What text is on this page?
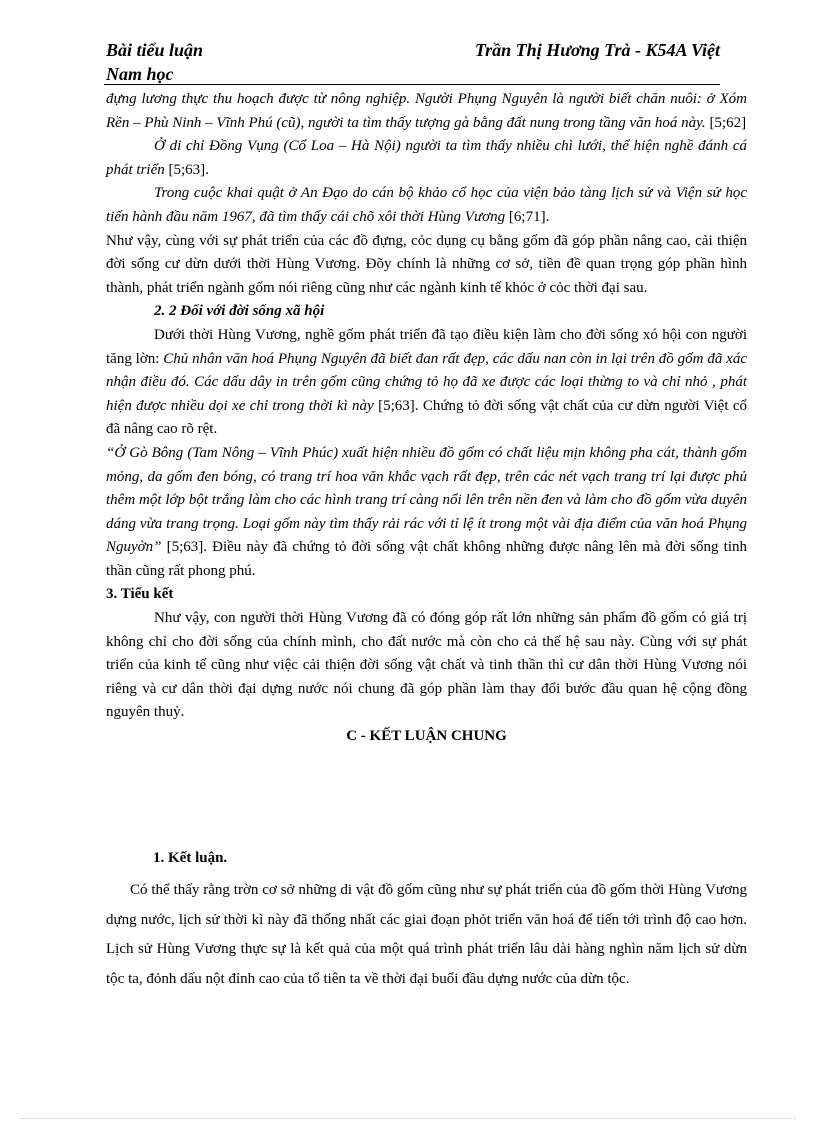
Bài tiểu luận	Trần Thị Hương Trà - K54A Việt
Nam học

đựng lương thực thu hoạch được từ nông nghiệp. Người Phụng Nguyên là người biết chăn nuôi: ở Xóm Rền – Phù Ninh – Vĩnh Phú (cũ), người ta tìm thấy tượng gà bằng đất nung trong tầng văn hoá này. [5;62]

Ở di chỉ Đồng Vụng (Cổ Loa – Hà Nội) người ta tìm thấy nhiều chì lưới, thể hiện nghề đánh cá phát triển [5;63].

Trong cuộc khai quật ở An Đạo do cán bộ khảo cổ học của viện bảo tàng lịch sử và Viện sử học tiến hành đầu năm 1967, đã tìm thấy cái chõ xôi thời Hùng Vương [6;71].

Như vậy, cùng với sự phát triển của các đồ đựng, cỏc dụng cụ bằng gốm đã góp phần nâng cao, cải thiện đời sống cư dừn dưới thời Hùng Vương. Đõy chính là những cơ sở, tiền đề quan trọng góp phần hình thành, phát triển ngành gốm nói riêng cũng như các ngành kinh tế khỏc ở cỏc thời đại sau.

2. 2 Đối với đời sống xã hội

Dưới thời Hùng Vương, nghề gốm phát triển đã tạo điều kiện làm cho đời sống xó hội con người tăng lờn: Chủ nhân văn hoá Phụng Nguyên đã biết đan rất đẹp, các dấu nan còn in lại trên đồ gốm đã xác nhận điều đó. Các dấu dây in trên gốm cũng chứng tỏ họ đã xe được các loại thừng to và chỉ nhỏ , phát hiện được nhiều dọi xe chỉ trong thời kì này [5;63]. Chứng tỏ đời sống vật chất của cư dừn người Việt cổ đã nâng cao rõ rệt.

“Ở Gò Bông (Tam Nông – Vĩnh Phúc) xuất hiện nhiều đồ gốm có chất liệu mịn không pha cát, thành gốm mỏng, da gốm đen bóng, có trang trí hoa văn khắc vạch rất đẹp, trên các nét vạch trang trí lại được phủ thêm một lớp bột trắng làm cho các hình trang trí càng nổi lên trên nền đen và làm cho đồ gốm vừa duyên dáng vừa trang trọng. Loại gốm này tìm thấy rải rác với tỉ lệ ít trong một vài địa điểm của văn hoá Phụng Nguyờn” [5;63]. Điều này đã chứng tỏ đời sống vật chất không những được nâng lên mà đời sống tinh thần cũng rất phong phú.

3. Tiểu kết

Như vậy, con người thời Hùng Vương đã có đóng góp rất lớn những sản phẩm đồ gốm có giá trị không chỉ cho đời sống của chính mình, cho đất nước mà còn cho cả thế hệ sau này. Cùng với sự phát triển của kinh tế cũng như việc cải thiện đời sống vật chất và tinh thần thì cư dân thời Hùng Vương nói riêng và cư dân thời đại dựng nước nói chung đã góp phần làm thay đổi bước đầu quan hệ cộng đồng nguyên thuỷ.

C - KẾT LUẬN CHUNG

1. Kết luận.

Có thể thấy rằng trờn cơ sở những di vật đồ gốm cũng như sự phát triển của đồ gốm thời Hùng Vương dựng nước, lịch sử thời kì này đã thống nhất các giai đoạn phỏt triển văn hoá để tiến tới trình độ cao hơn. Lịch sử Hùng Vương thực sự là kết quả của một quá trình phát triển lâu dài hàng nghìn năm lịch sử dừn tộc ta, đỏnh dấu nột đỉnh cao của tổ tiên ta về thời đại buổi đầu dựng nước của dừn tộc.
